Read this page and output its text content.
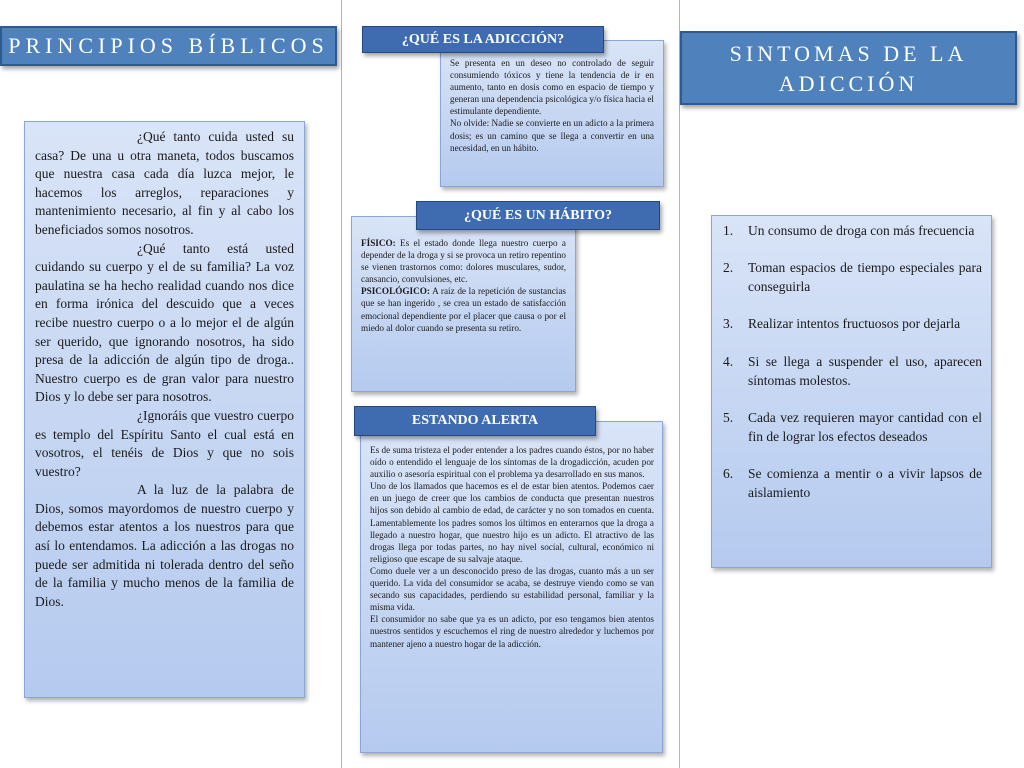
PRINCIPIOS BÍBLICOS

¿Qué tanto cuida usted su casa? De una u otra maneta, todos buscamos que nuestra casa cada día luzca mejor, le hacemos los arreglos, reparaciones y mantenimiento necesario, al fin y al cabo los beneficiados somos nosotros.

¿Qué tanto está usted cuidando su cuerpo y el de su familia? La voz paulatina se ha hecho realidad cuando nos dice en forma irónica del descuido que a veces recibe nuestro cuerpo o a lo mejor el de algún ser querido, que ignorando nosotros, ha sido presa de la adicción de algún tipo de droga.. Nuestro cuerpo es de gran valor para nuestro Dios y lo debe ser para nosotros.

¿Ignoráis que vuestro cuerpo es templo del Espíritu Santo el cual está en vosotros, el tenéis de Dios y que no sois vuestro?

A la luz de la palabra de Dios, somos mayordomos de nuestro cuerpo y debemos estar atentos a los nuestros para que así lo entendamos. La adicción a las drogas no puede ser admitida ni tolerada dentro del seño de la familia y mucho menos de la familia de Dios.

Se presenta en un deseo no controlado de seguir consumiendo tóxicos y tiene la tendencia de ir en aumento, tanto en dosis como en espacio de tiempo y generan una dependencia psicológica y/o física hacia el estimulante dependiente.

No olvide: Nadie se convierte en un adicto a la primera dosis; es un camino que se llega a convertir en una necesidad, en un hábito.

¿QUÉ ES LA ADICCIÓN?

FÍSICO: Es el estado donde llega nuestro cuerpo a depender de la droga y si se provoca un retiro repentino se vienen trastornos como: dolores musculares, sudor, cansancio, convulsiones, etc.

PSICOLÓGICO: A raíz de la repetición de sustancias que se han ingerido , se crea un estado de satisfacción emocional dependiente por el placer que causa o por el miedo al dolor cuando se presenta su retiro.

¿QUÉ ES UN HÁBITO?

Es de suma tristeza el poder entender a los padres cuando éstos, por no haber oído o entendido el lenguaje de los síntomas de la drogadicción, acuden por auxilio o asesoría espiritual con el problema ya desarrollado en sus manos.

Uno de los llamados que hacemos es el de estar bien atentos. Podemos caer en un juego de creer que los cambios de conducta que presentan nuestros hijos son debido al cambio de edad, de carácter y no son tomados en cuenta. Lamentablemente los padres somos los últimos en enterarnos que la droga a llegado a nuestro hogar, que nuestro hijo es un adicto. El atractivo de las drogas llega por todas partes, no hay nivel social, cultural, económico ni religioso que escape de su salvaje ataque.

Como duele ver a un desconocido preso de las drogas, cuanto más a un ser querido. La vida del consumidor se acaba, se destruye viendo como se van secando sus capacidades, perdiendo su estabilidad personal, familiar y la misma vida.

El consumidor no sabe que ya es un adicto, por eso tengamos bien atentos nuestros sentidos y escuchemos el ring de nuestro alrededor y luchemos por mantener ajeno a nuestro hogar de la adicción.

ESTANDO ALERTA
SINTOMAS DE LA ADICCIÓN
1.	Un consumo de droga con más frecuencia
2.	Toman espacios de tiempo especiales para conseguirla
3.	Realizar intentos fructuosos por dejarla
4.	Si se llega a suspender el uso, aparecen síntomas molestos.
5.	Cada vez requieren mayor cantidad con el fin de lograr los efectos deseados
6.	Se comienza a mentir o a vivir lapsos de aislamiento
